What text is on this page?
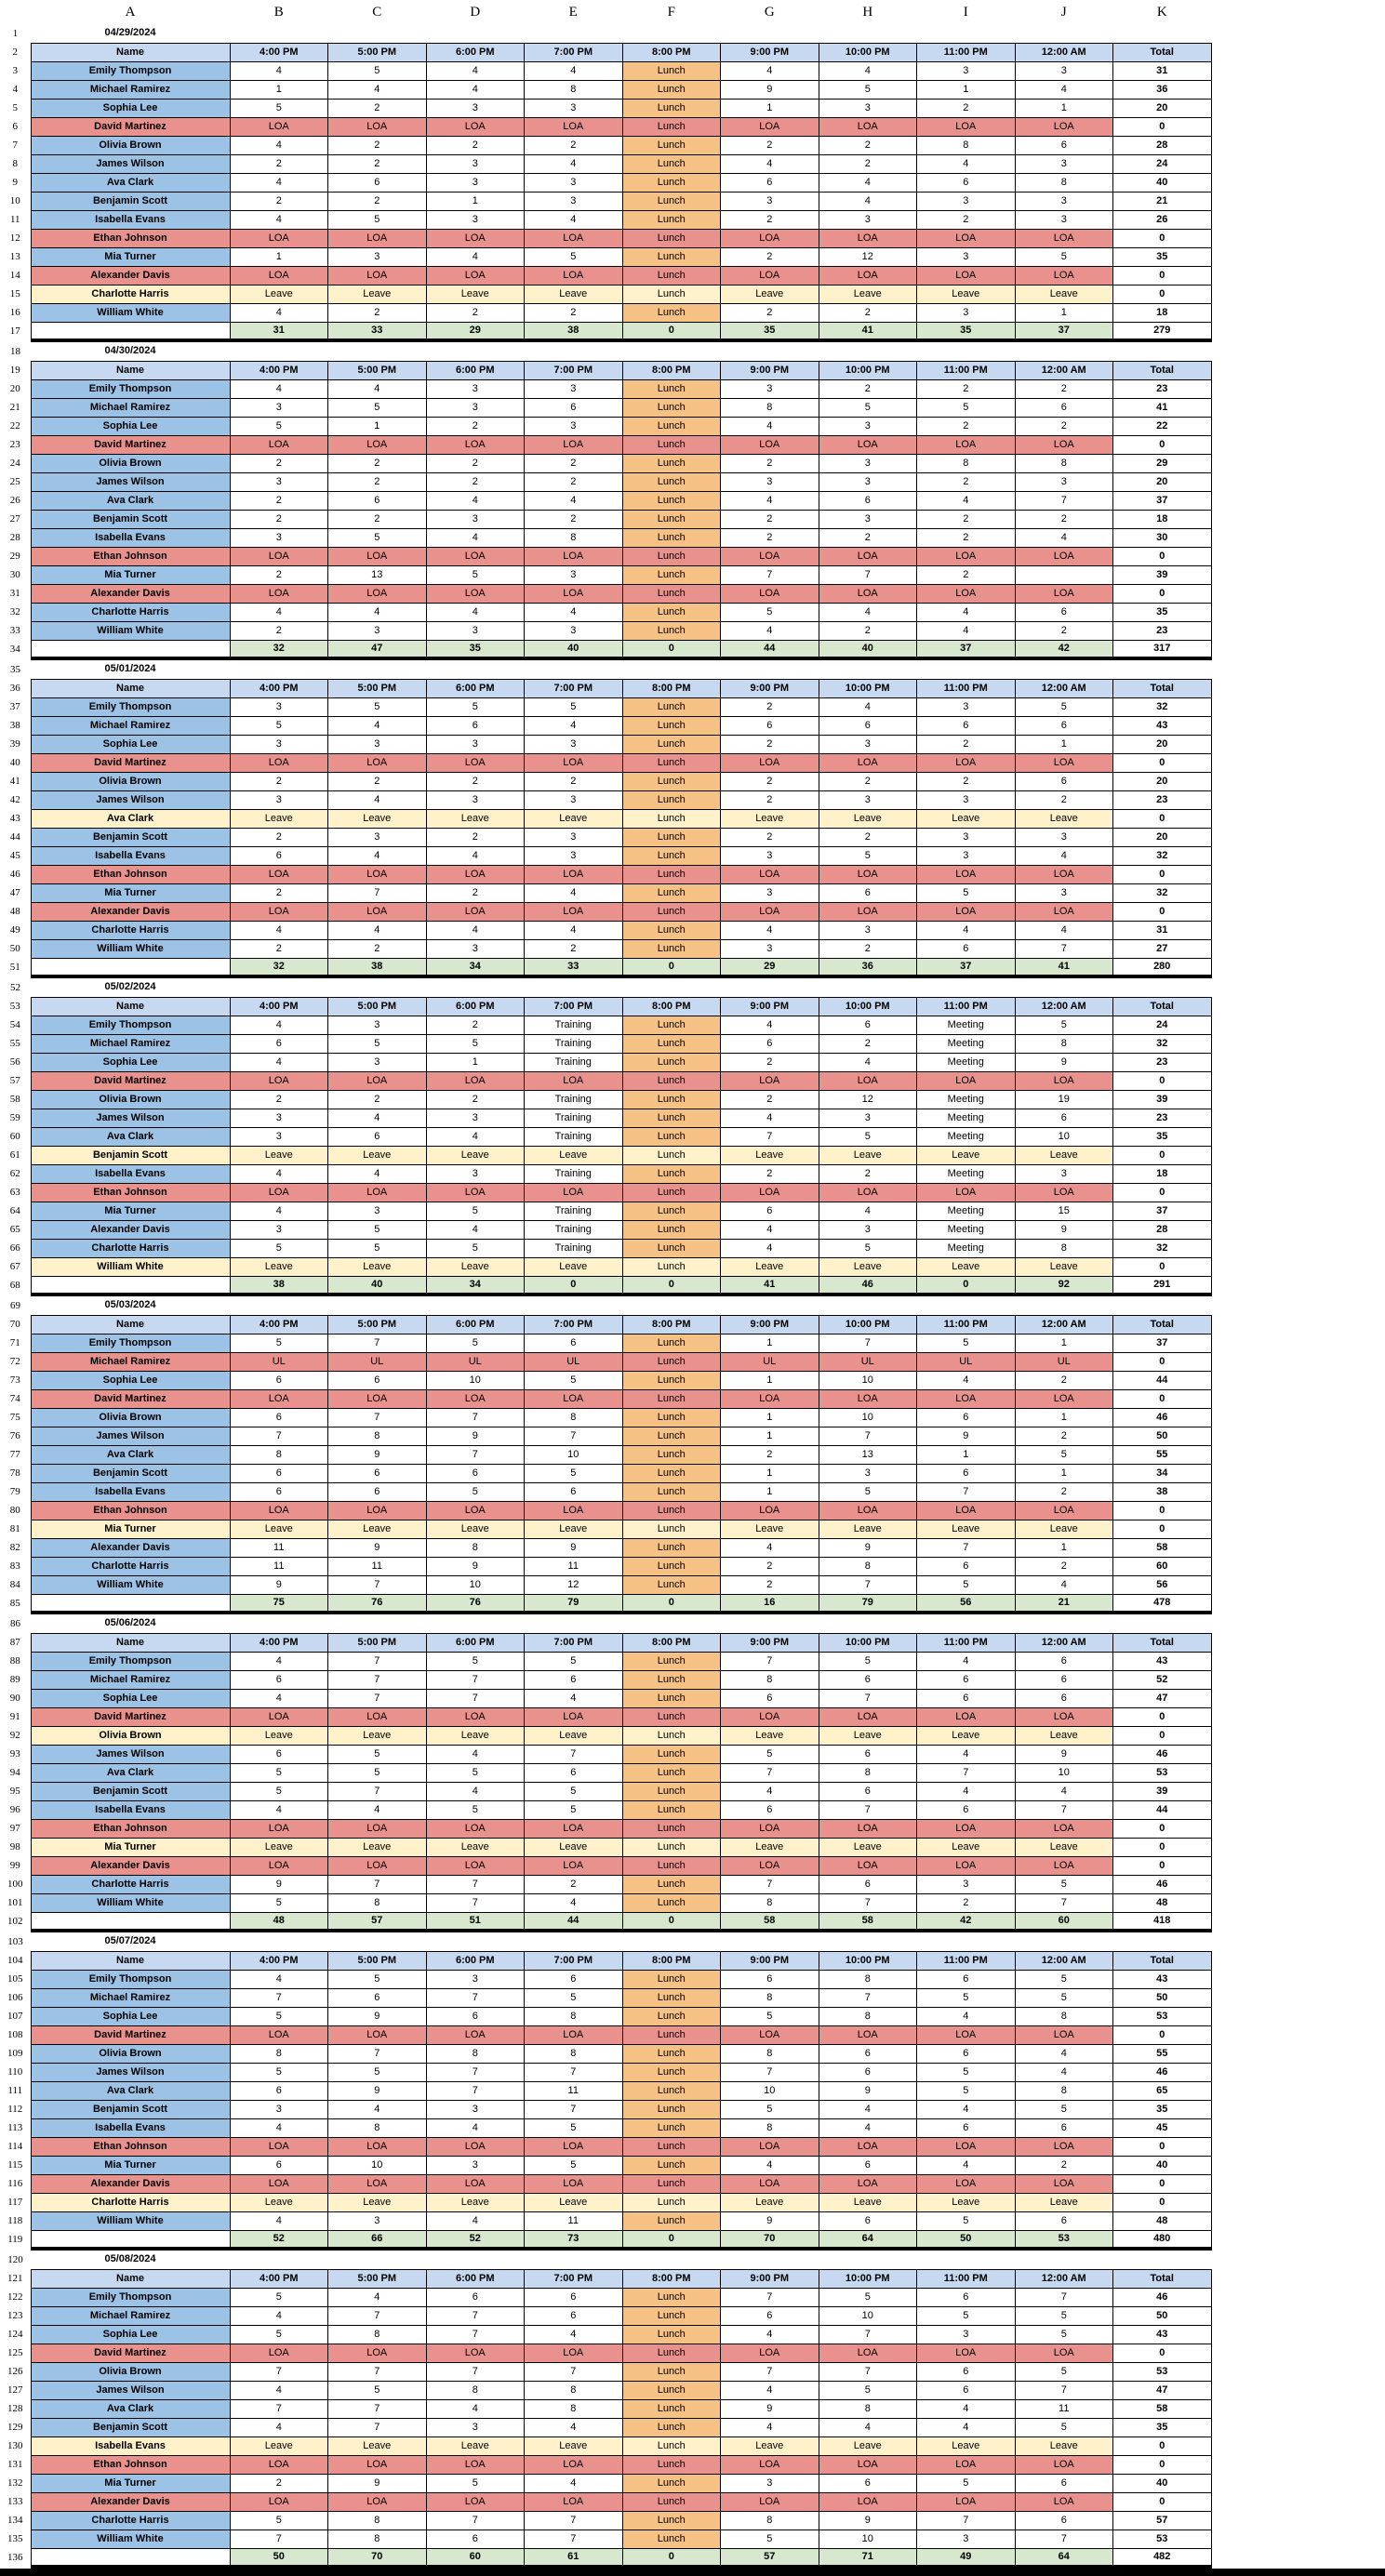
A	B	C	D	E	F	G	H	I	J	K
1	04/29/2024										
2	Name	4:00 PM	5:00 PM	6:00 PM	7:00 PM	8:00 PM	9:00 PM	10:00 PM	11:00 PM	12:00 AM	Total
3	Emily Thompson	4	5	4	4	Lunch	4	4	3	3	31
4	Michael Ramirez	1	4	4	8	Lunch	9	5	1	4	36
5	Sophia Lee	5	2	3	3	Lunch	1	3	2	1	20
6	David Martinez	LOA	LOA	LOA	LOA	Lunch	LOA	LOA	LOA	LOA	0
7	Olivia Brown	4	2	2	2	Lunch	2	2	8	6	28
8	James Wilson	2	2	3	4	Lunch	4	2	4	3	24
9	Ava Clark	4	6	3	3	Lunch	6	4	6	8	40
10	Benjamin Scott	2	2	1	3	Lunch	3	4	3	3	21
11	Isabella Evans	4	5	3	4	Lunch	2	3	2	3	26
12	Ethan Johnson	LOA	LOA	LOA	LOA	Lunch	LOA	LOA	LOA	LOA	0
13	Mia Turner	1	3	4	5	Lunch	2	12	3	5	35
14	Alexander Davis	LOA	LOA	LOA	LOA	Lunch	LOA	LOA	LOA	LOA	0
15	Charlotte Harris	Leave	Leave	Leave	Leave	Lunch	Leave	Leave	Leave	Leave	0
16	William White	4	2	2	2	Lunch	2	2	3	1	18
17		31	33	29	38	0	35	41	35	37	279
18	04/30/2024										
19	Name	4:00 PM	5:00 PM	6:00 PM	7:00 PM	8:00 PM	9:00 PM	10:00 PM	11:00 PM	12:00 AM	Total
20	Emily Thompson	4	4	3	3	Lunch	3	2	2	2	23
21	Michael Ramirez	3	5	3	6	Lunch	8	5	5	6	41
22	Sophia Lee	5	1	2	3	Lunch	4	3	2	2	22
23	David Martinez	LOA	LOA	LOA	LOA	Lunch	LOA	LOA	LOA	LOA	0
24	Olivia Brown	2	2	2	2	Lunch	2	3	8	8	29
25	James Wilson	3	2	2	2	Lunch	3	3	2	3	20
26	Ava Clark	2	6	4	4	Lunch	4	6	4	7	37
27	Benjamin Scott	2	2	3	2	Lunch	2	3	2	2	18
28	Isabella Evans	3	5	4	8	Lunch	2	2	2	4	30
29	Ethan Johnson	LOA	LOA	LOA	LOA	Lunch	LOA	LOA	LOA	LOA	0
30	Mia Turner	2	13	5	3	Lunch	7	7	2		39
31	Alexander Davis	LOA	LOA	LOA	LOA	Lunch	LOA	LOA	LOA	LOA	0
32	Charlotte Harris	4	4	4	4	Lunch	5	4	4	6	35
33	William White	2	3	3	3	Lunch	4	2	4	2	23
34		32	47	35	40	0	44	40	37	42	317
35	05/01/2024										
36	Name	4:00 PM	5:00 PM	6:00 PM	7:00 PM	8:00 PM	9:00 PM	10:00 PM	11:00 PM	12:00 AM	Total
37	Emily Thompson	3	5	5	5	Lunch	2	4	3	5	32
38	Michael Ramirez	5	4	6	4	Lunch	6	6	6	6	43
39	Sophia Lee	3	3	3	3	Lunch	2	3	2	1	20
40	David Martinez	LOA	LOA	LOA	LOA	Lunch	LOA	LOA	LOA	LOA	0
41	Olivia Brown	2	2	2	2	Lunch	2	2	2	6	20
42	James Wilson	3	4	3	3	Lunch	2	3	3	2	23
43	Ava Clark	Leave	Leave	Leave	Leave	Lunch	Leave	Leave	Leave	Leave	0
44	Benjamin Scott	2	3	2	3	Lunch	2	2	3	3	20
45	Isabella Evans	6	4	4	3	Lunch	3	5	3	4	32
46	Ethan Johnson	LOA	LOA	LOA	LOA	Lunch	LOA	LOA	LOA	LOA	0
47	Mia Turner	2	7	2	4	Lunch	3	6	5	3	32
48	Alexander Davis	LOA	LOA	LOA	LOA	Lunch	LOA	LOA	LOA	LOA	0
49	Charlotte Harris	4	4	4	4	Lunch	4	3	4	4	31
50	William White	2	2	3	2	Lunch	3	2	6	7	27
51		32	38	34	33	0	29	36	37	41	280
52	05/02/2024										
53	Name	4:00 PM	5:00 PM	6:00 PM	7:00 PM	8:00 PM	9:00 PM	10:00 PM	11:00 PM	12:00 AM	Total
54	Emily Thompson	4	3	2	Training	Lunch	4	6	Meeting	5	24
55	Michael Ramirez	6	5	5	Training	Lunch	6	2	Meeting	8	32
56	Sophia Lee	4	3	1	Training	Lunch	2	4	Meeting	9	23
57	David Martinez	LOA	LOA	LOA	LOA	Lunch	LOA	LOA	LOA	LOA	0
58	Olivia Brown	2	2	2	Training	Lunch	2	12	Meeting	19	39
59	James Wilson	3	4	3	Training	Lunch	4	3	Meeting	6	23
60	Ava Clark	3	6	4	Training	Lunch	7	5	Meeting	10	35
61	Benjamin Scott	Leave	Leave	Leave	Leave	Lunch	Leave	Leave	Leave	Leave	0
62	Isabella Evans	4	4	3	Training	Lunch	2	2	Meeting	3	18
63	Ethan Johnson	LOA	LOA	LOA	LOA	Lunch	LOA	LOA	LOA	LOA	0
64	Mia Turner	4	3	5	Training	Lunch	6	4	Meeting	15	37
65	Alexander Davis	3	5	4	Training	Lunch	4	3	Meeting	9	28
66	Charlotte Harris	5	5	5	Training	Lunch	4	5	Meeting	8	32
67	William White	Leave	Leave	Leave	Leave	Lunch	Leave	Leave	Leave	Leave	0
68		38	40	34	0	0	41	46	0	92	291
69	05/03/2024										
70	Name	4:00 PM	5:00 PM	6:00 PM	7:00 PM	8:00 PM	9:00 PM	10:00 PM	11:00 PM	12:00 AM	Total
71	Emily Thompson	5	7	5	6	Lunch	1	7	5	1	37
72	Michael Ramirez	UL	UL	UL	UL	Lunch	UL	UL	UL	UL	0
73	Sophia Lee	6	6	10	5	Lunch	1	10	4	2	44
74	David Martinez	LOA	LOA	LOA	LOA	Lunch	LOA	LOA	LOA	LOA	0
75	Olivia Brown	6	7	7	8	Lunch	1	10	6	1	46
76	James Wilson	7	8	9	7	Lunch	1	7	9	2	50
77	Ava Clark	8	9	7	10	Lunch	2	13	1	5	55
78	Benjamin Scott	6	6	6	5	Lunch	1	3	6	1	34
79	Isabella Evans	6	6	5	6	Lunch	1	5	7	2	38
80	Ethan Johnson	LOA	LOA	LOA	LOA	Lunch	LOA	LOA	LOA	LOA	0
81	Mia Turner	Leave	Leave	Leave	Leave	Lunch	Leave	Leave	Leave	Leave	0
82	Alexander Davis	11	9	8	9	Lunch	4	9	7	1	58
83	Charlotte Harris	11	11	9	11	Lunch	2	8	6	2	60
84	William White	9	7	10	12	Lunch	2	7	5	4	56
85		75	76	76	79	0	16	79	56	21	478
86	05/06/2024										
87	Name	4:00 PM	5:00 PM	6:00 PM	7:00 PM	8:00 PM	9:00 PM	10:00 PM	11:00 PM	12:00 AM	Total
88	Emily Thompson	4	7	5	5	Lunch	7	5	4	6	43
89	Michael Ramirez	6	7	7	6	Lunch	8	6	6	6	52
90	Sophia Lee	4	7	7	4	Lunch	6	7	6	6	47
91	David Martinez	LOA	LOA	LOA	LOA	Lunch	LOA	LOA	LOA	LOA	0
92	Olivia Brown	Leave	Leave	Leave	Leave	Lunch	Leave	Leave	Leave	Leave	0
93	James Wilson	6	5	4	7	Lunch	5	6	4	9	46
94	Ava Clark	5	5	5	6	Lunch	7	8	7	10	53
95	Benjamin Scott	5	7	4	5	Lunch	4	6	4	4	39
96	Isabella Evans	4	4	5	5	Lunch	6	7	6	7	44
97	Ethan Johnson	LOA	LOA	LOA	LOA	Lunch	LOA	LOA	LOA	LOA	0
98	Mia Turner	Leave	Leave	Leave	Leave	Lunch	Leave	Leave	Leave	Leave	0
99	Alexander Davis	LOA	LOA	LOA	LOA	Lunch	LOA	LOA	LOA	LOA	0
100	Charlotte Harris	9	7	7	2	Lunch	7	6	3	5	46
101	William White	5	8	7	4	Lunch	8	7	2	7	48
102		48	57	51	44	0	58	58	42	60	418
103	05/07/2024										
104	Name	4:00 PM	5:00 PM	6:00 PM	7:00 PM	8:00 PM	9:00 PM	10:00 PM	11:00 PM	12:00 AM	Total
105	Emily Thompson	4	5	3	6	Lunch	6	8	6	5	43
106	Michael Ramirez	7	6	7	5	Lunch	8	7	5	5	50
107	Sophia Lee	5	9	6	8	Lunch	5	8	4	8	53
108	David Martinez	LOA	LOA	LOA	LOA	Lunch	LOA	LOA	LOA	LOA	0
109	Olivia Brown	8	7	8	8	Lunch	8	6	6	4	55
110	James Wilson	5	5	7	7	Lunch	7	6	5	4	46
111	Ava Clark	6	9	7	11	Lunch	10	9	5	8	65
112	Benjamin Scott	3	4	3	7	Lunch	5	4	4	5	35
113	Isabella Evans	4	8	4	5	Lunch	8	4	6	6	45
114	Ethan Johnson	LOA	LOA	LOA	LOA	Lunch	LOA	LOA	LOA	LOA	0
115	Mia Turner	6	10	3	5	Lunch	4	6	4	2	40
116	Alexander Davis	LOA	LOA	LOA	LOA	Lunch	LOA	LOA	LOA	LOA	0
117	Charlotte Harris	Leave	Leave	Leave	Leave	Lunch	Leave	Leave	Leave	Leave	0
118	William White	4	3	4	11	Lunch	9	6	5	6	48
119		52	66	52	73	0	70	64	50	53	480
120	05/08/2024										
121	Name	4:00 PM	5:00 PM	6:00 PM	7:00 PM	8:00 PM	9:00 PM	10:00 PM	11:00 PM	12:00 AM	Total
122	Emily Thompson	5	4	6	6	Lunch	7	5	6	7	46
123	Michael Ramirez	4	7	7	6	Lunch	6	10	5	5	50
124	Sophia Lee	5	8	7	4	Lunch	4	7	3	5	43
125	David Martinez	LOA	LOA	LOA	LOA	Lunch	LOA	LOA	LOA	LOA	0
126	Olivia Brown	7	7	7	7	Lunch	7	7	6	5	53
127	James Wilson	4	5	8	8	Lunch	4	5	6	7	47
128	Ava Clark	7	7	4	8	Lunch	9	8	4	11	58
129	Benjamin Scott	4	7	3	4	Lunch	4	4	4	5	35
130	Isabella Evans	Leave	Leave	Leave	Leave	Lunch	Leave	Leave	Leave	Leave	0
131	Ethan Johnson	LOA	LOA	LOA	LOA	Lunch	LOA	LOA	LOA	LOA	0
132	Mia Turner	2	9	5	4	Lunch	3	6	5	6	40
133	Alexander Davis	LOA	LOA	LOA	LOA	Lunch	LOA	LOA	LOA	LOA	0
134	Charlotte Harris	5	8	7	7	Lunch	8	9	7	6	57
135	William White	7	8	6	7	Lunch	5	10	3	7	53
136		50	70	60	61	0	57	71	49	64	482
